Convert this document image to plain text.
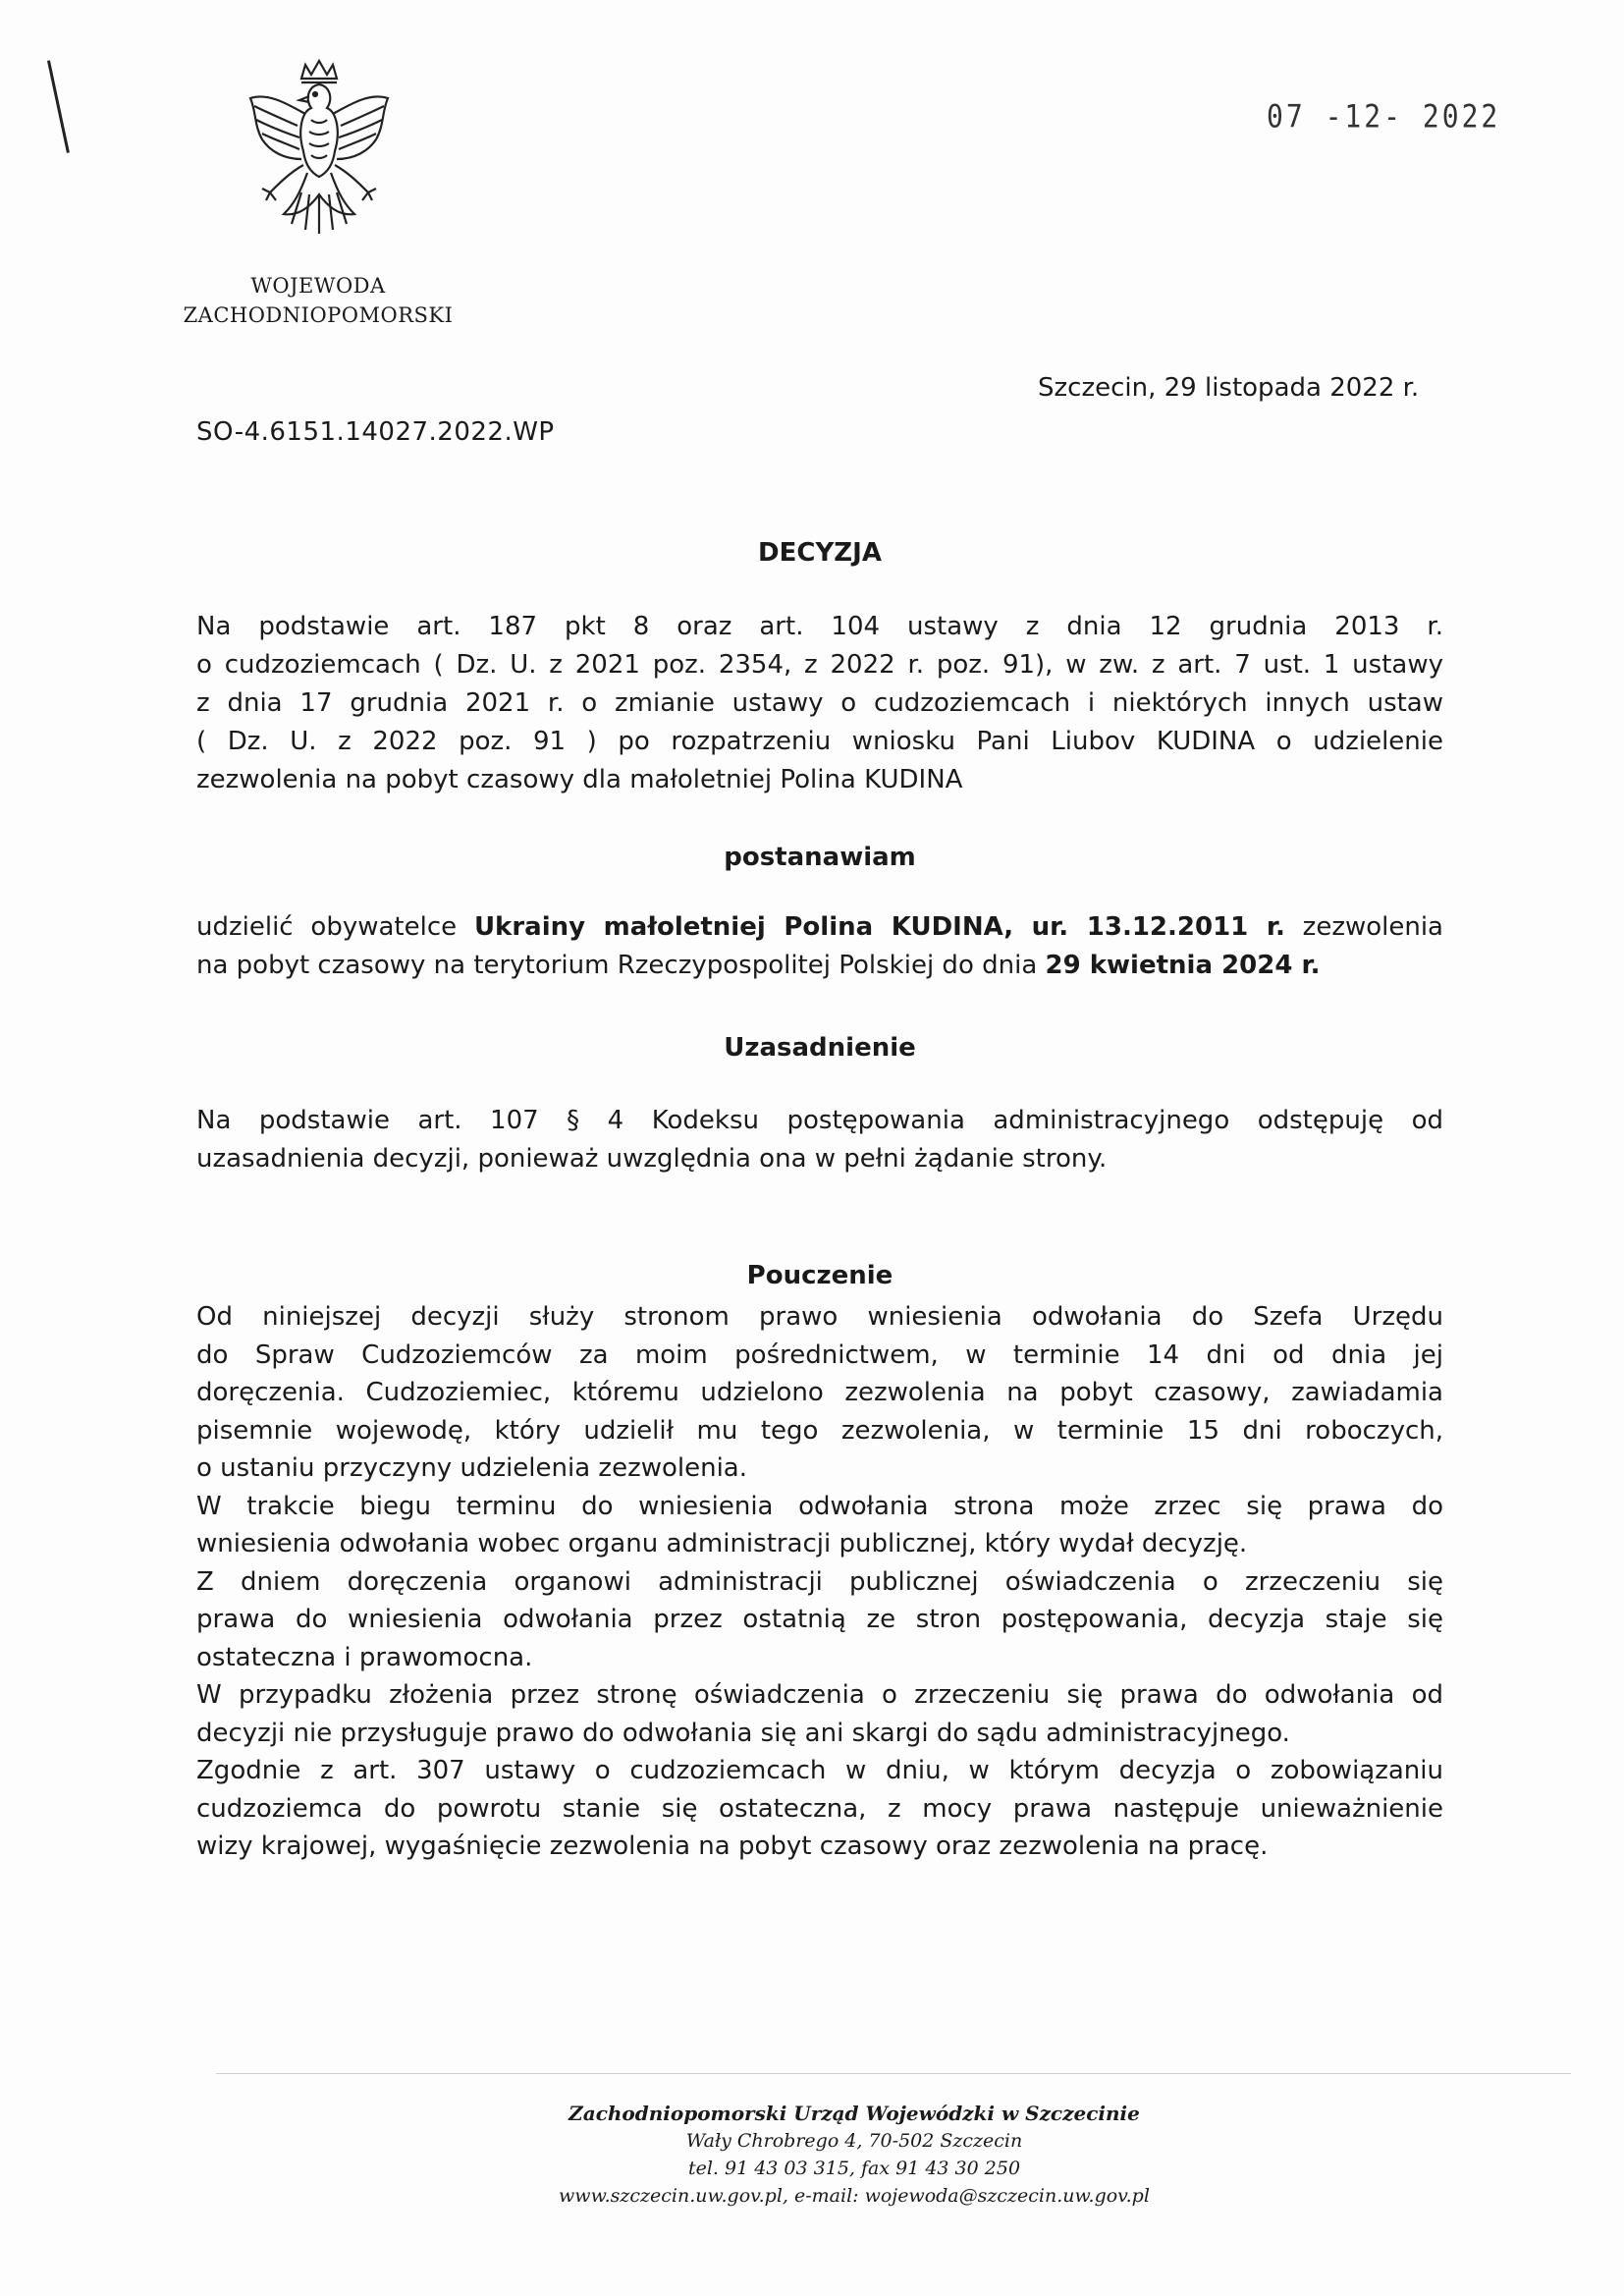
WOJEWODA
ZACHODNIOPOMORSKI
07 -12- 2022
Szczecin, 29 listopada 2022 r.
SO-4.6151.14027.2022.WP
DECYZJA
Na podstawie art. 187 pkt 8 oraz art. 104 ustawy z dnia 12 grudnia 2013 r.
o cudzoziemcach ( Dz. U. z 2021 poz. 2354, z 2022 r. poz. 91), w zw. z art. 7 ust. 1 ustawy
z dnia 17 grudnia 2021 r. o zmianie ustawy o cudzoziemcach i niektórych innych ustaw
( Dz. U. z 2022 poz. 91 ) po rozpatrzeniu wniosku Pani Liubov KUDINA o udzielenie
zezwolenia na pobyt czasowy dla małoletniej Polina KUDINA
postanawiam
udzielić obywatelce Ukrainy małoletniej Polina KUDINA, ur. 13.12.2011 r. zezwolenia
na pobyt czasowy na terytorium Rzeczypospolitej Polskiej do dnia 29 kwietnia 2024 r.
Uzasadnienie
Na podstawie art. 107 § 4 Kodeksu postępowania administracyjnego odstępuję od
uzasadnienia decyzji, ponieważ uwzględnia ona w pełni żądanie strony.
Pouczenie
Od niniejszej decyzji służy stronom prawo wniesienia odwołania do Szefa Urzędu
do Spraw Cudzoziemców za moim pośrednictwem, w terminie 14 dni od dnia jej
doręczenia. Cudzoziemiec, któremu udzielono zezwolenia na pobyt czasowy, zawiadamia
pisemnie wojewodę, który udzielił mu tego zezwolenia, w terminie 15 dni roboczych,
o ustaniu przyczyny udzielenia zezwolenia.
W trakcie biegu terminu do wniesienia odwołania strona może zrzec się prawa do
wniesienia odwołania wobec organu administracji publicznej, który wydał decyzję.
Z dniem doręczenia organowi administracji publicznej oświadczenia o zrzeczeniu się
prawa do wniesienia odwołania przez ostatnią ze stron postępowania, decyzja staje się
ostateczna i prawomocna.
W przypadku złożenia przez stronę oświadczenia o zrzeczeniu się prawa do odwołania od
decyzji nie przysługuje prawo do odwołania się ani skargi do sądu administracyjnego.
Zgodnie z art. 307 ustawy o cudzoziemcach w dniu, w którym decyzja o zobowiązaniu
cudzoziemca do powrotu stanie się ostateczna, z mocy prawa następuje unieważnienie
wizy krajowej, wygaśnięcie zezwolenia na pobyt czasowy oraz zezwolenia na pracę.
Zachodniopomorski Urząd Wojewódzki w Szczecinie
Wały Chrobrego 4, 70-502 Szczecin
tel. 91 43 03 315, fax 91 43 30 250
www.szczecin.uw.gov.pl, e-mail: wojewoda@szczecin.uw.gov.pl
